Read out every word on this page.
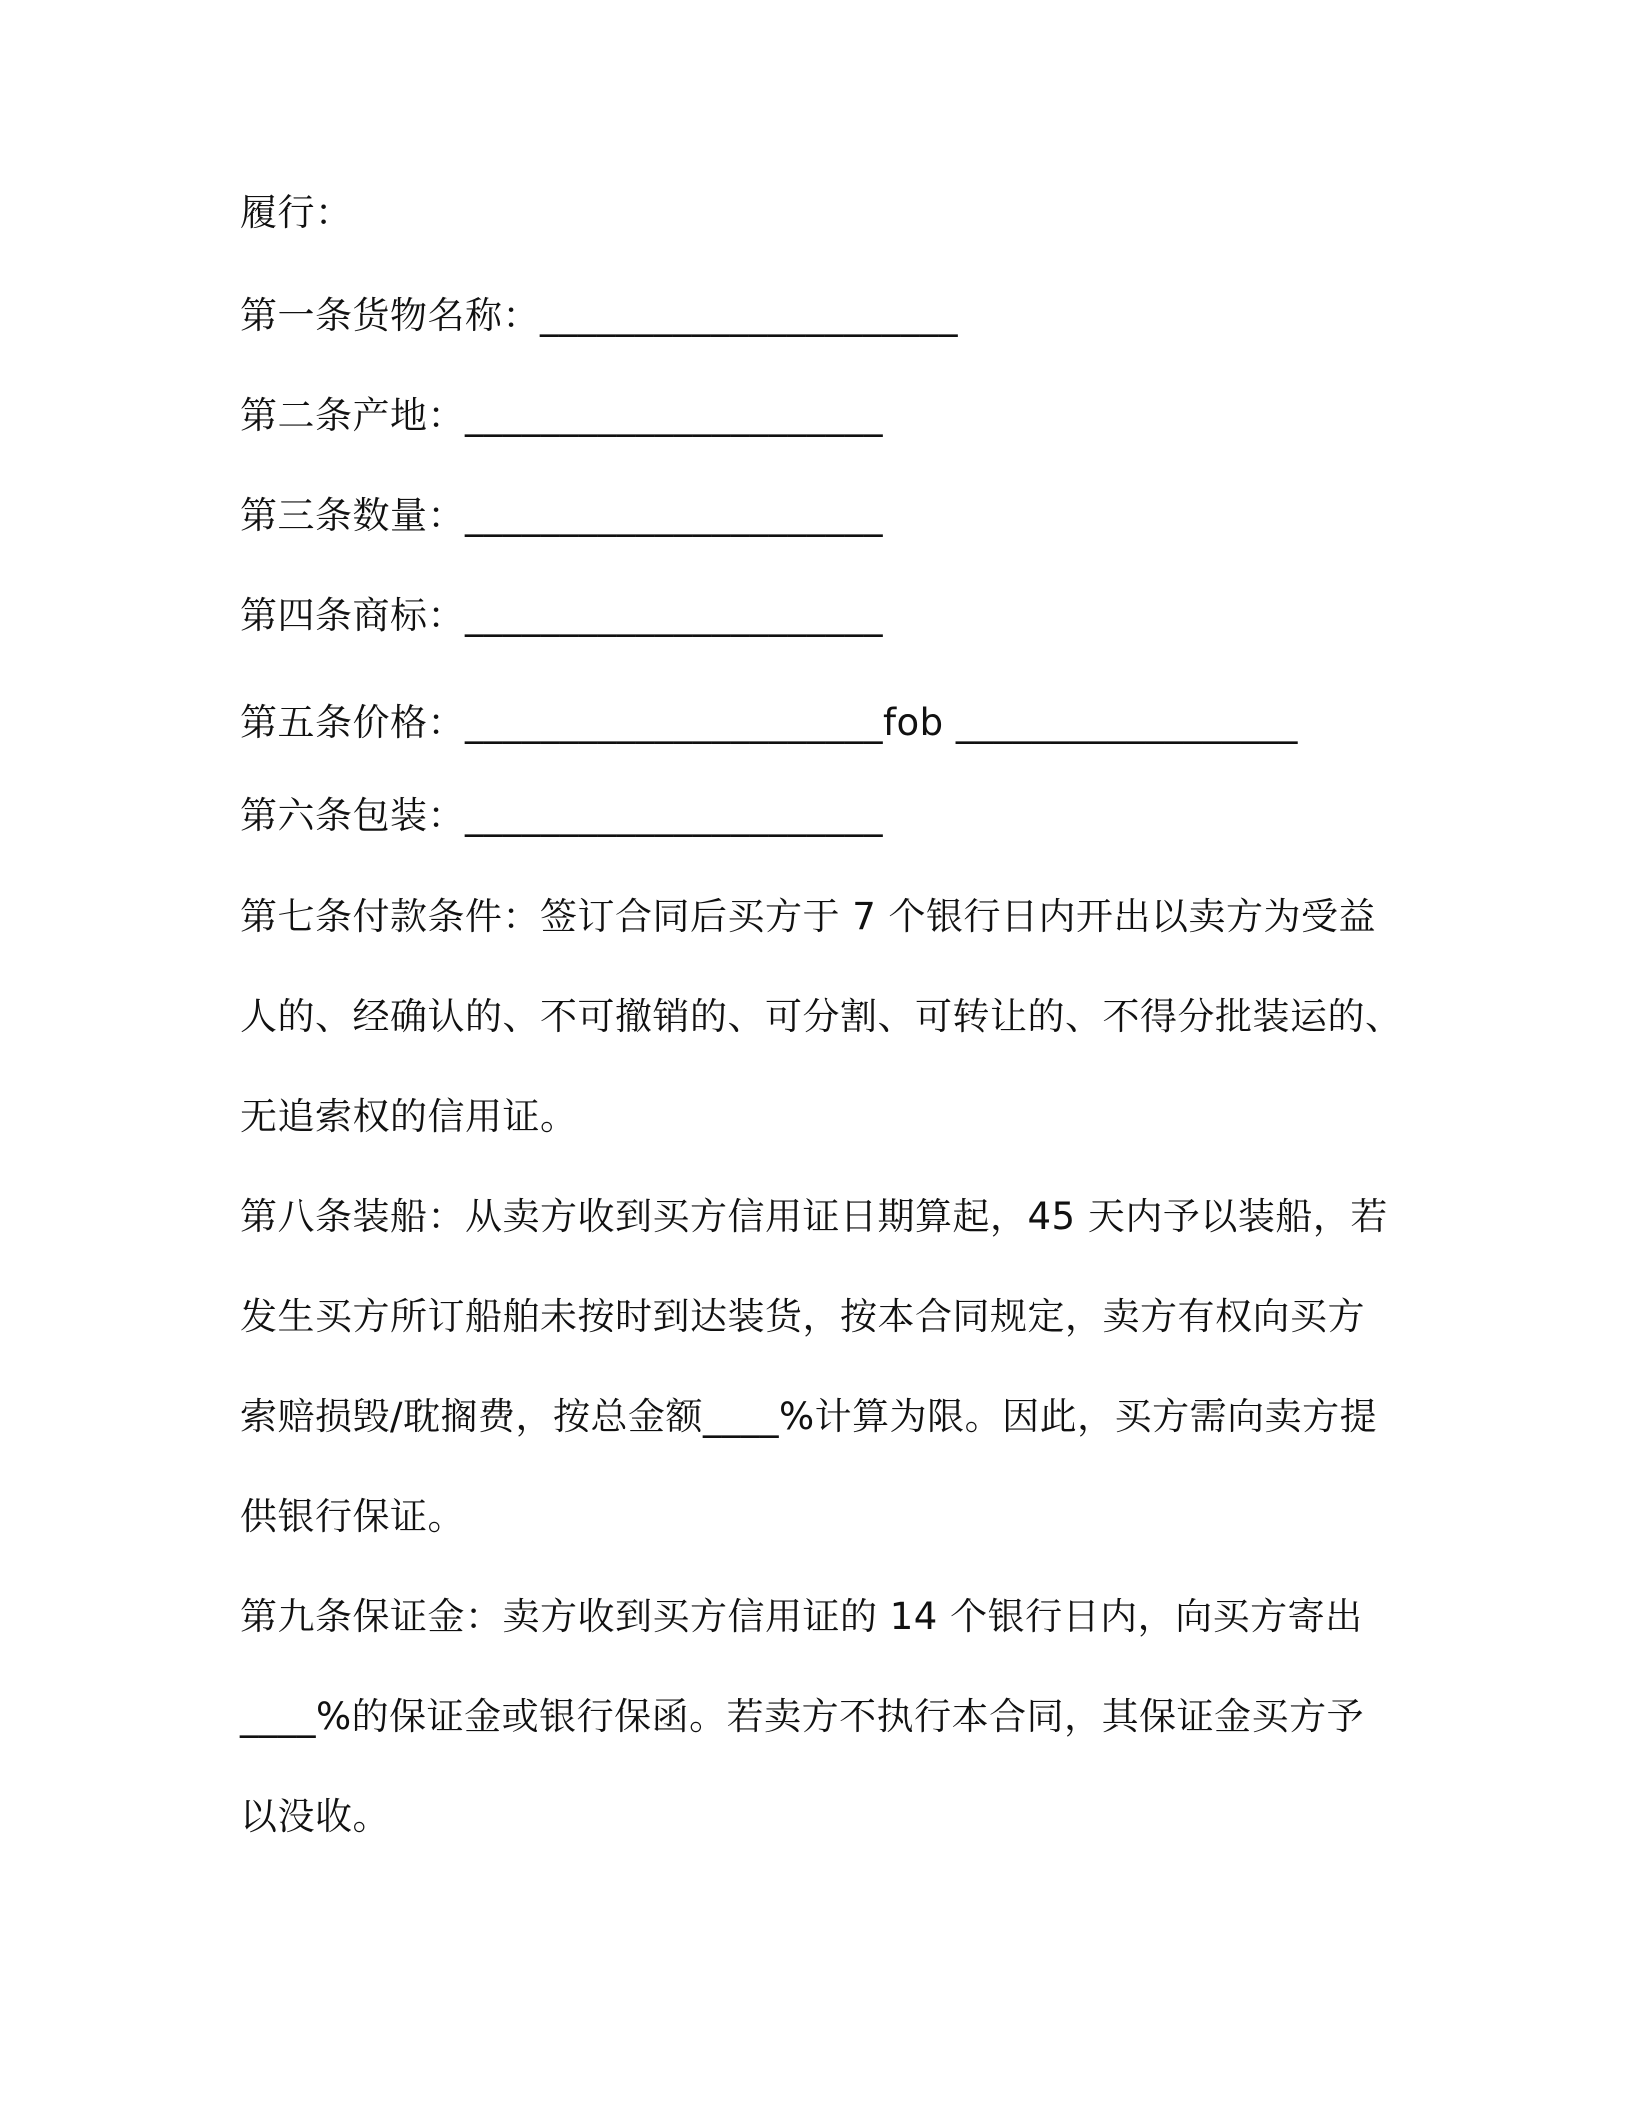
履行：
第一条货物名称：______________________
第二条产地：______________________
第三条数量：______________________
第四条商标：______________________
第五条价格：______________________fob __________________
第六条包装：______________________
第七条付款条件：签订合同后买方于 7 个银行日内开出以卖方为受益
人的、经确认的、不可撤销的、可分割、可转让的、不得分批装运的、
无追索权的信用证。
第八条装船：从卖方收到买方信用证日期算起，45 天内予以装船，若
发生买方所订船舶未按时到达装货，按本合同规定，卖方有权向买方
索赔损毁/耽搁费，按总金额____%计算为限。因此，买方需向卖方提
供银行保证。
第九条保证金：卖方收到买方信用证的 14 个银行日内，向买方寄出
____%的保证金或银行保函。若卖方不执行本合同，其保证金买方予
以没收。
